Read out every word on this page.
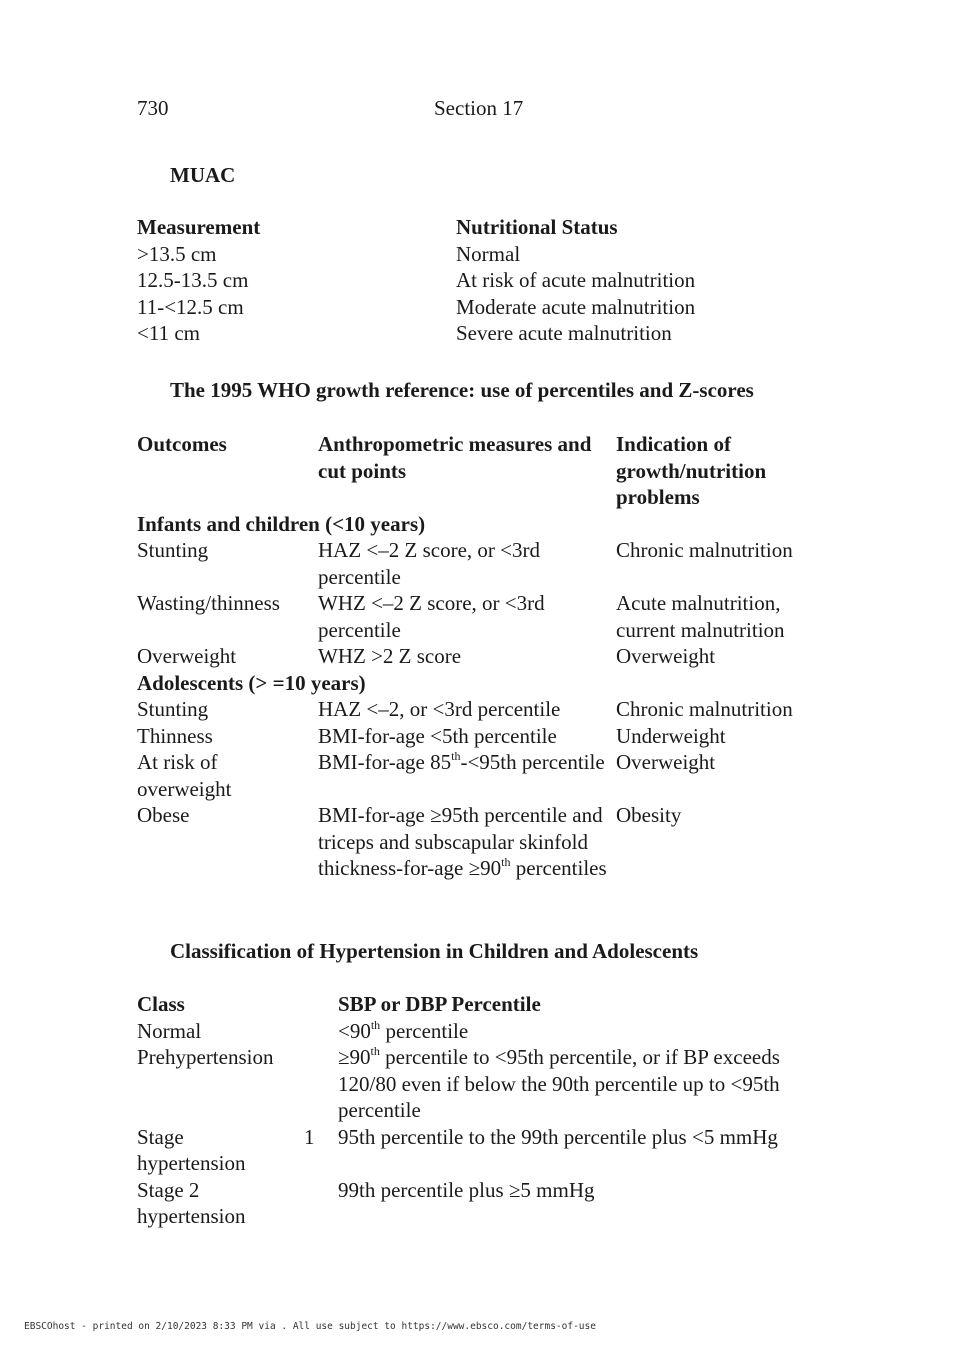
730	Section 17
MUAC
Measurement	Nutritional Status
>13.5 cm	Normal
12.5-13.5 cm	At risk of acute malnutrition
11-<12.5 cm	Moderate acute malnutrition
<11 cm	Severe acute malnutrition
The 1995 WHO growth reference: use of percentiles and Z-scores
Outcomes	Anthropometric measures and cut points	Indication of growth/nutrition problems
Infants and children (<10 years)		
Stunting	HAZ <–2 Z score, or <3rd percentile	Chronic malnutrition
Wasting/thinness	WHZ <–2 Z score, or <3rd percentile	Acute malnutrition, current malnutrition
Overweight	WHZ >2 Z score	Overweight
Adolescents (> =10 years)		
Stunting	HAZ <–2, or <3rd percentile	Chronic malnutrition
Thinness	BMI-for-age <5th percentile	Underweight
At risk of overweight	BMI-for-age 85th-<95th percentile	Overweight
Obese	BMI-for-age ≥95th percentile and triceps and subscapular skinfold thickness-for-age ≥90th percentiles	Obesity
Classification of Hypertension in Children and Adolescents
Class		SBP or DBP Percentile
Normal		<90th percentile
Prehypertension		≥90th percentile to <95th percentile, or if BP exceeds 120/80 even if below the 90th percentile up to <95th percentile
Stage hypertension	1	95th percentile to the 99th percentile plus <5 mmHg
Stage 2 hypertension		99th percentile plus ≥5 mmHg
EBSCOhost - printed on 2/10/2023 8:33 PM via . All use subject to https://www.ebsco.com/terms-of-use
